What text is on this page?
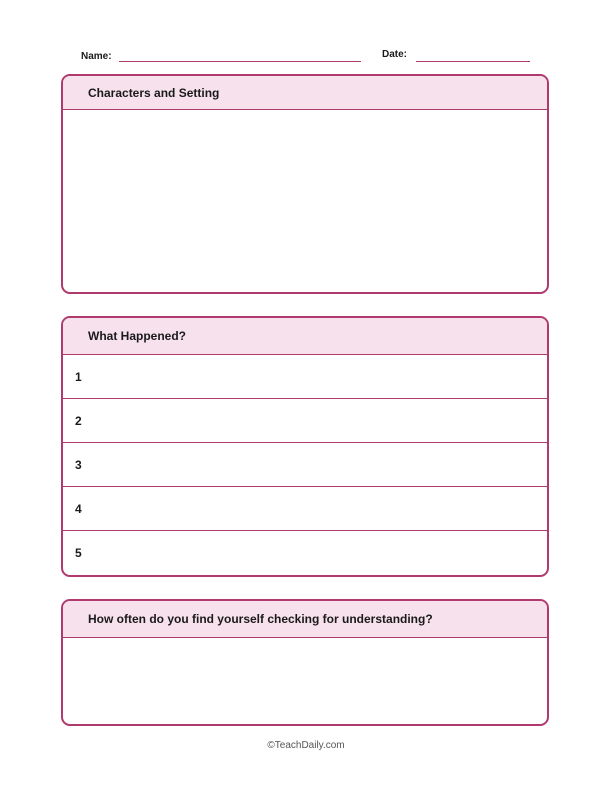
Name:	Date:
Characters and Setting
What Happened?
1
2
3
4
5
How often do you find yourself checking for understanding?
©TeachDaily.com
